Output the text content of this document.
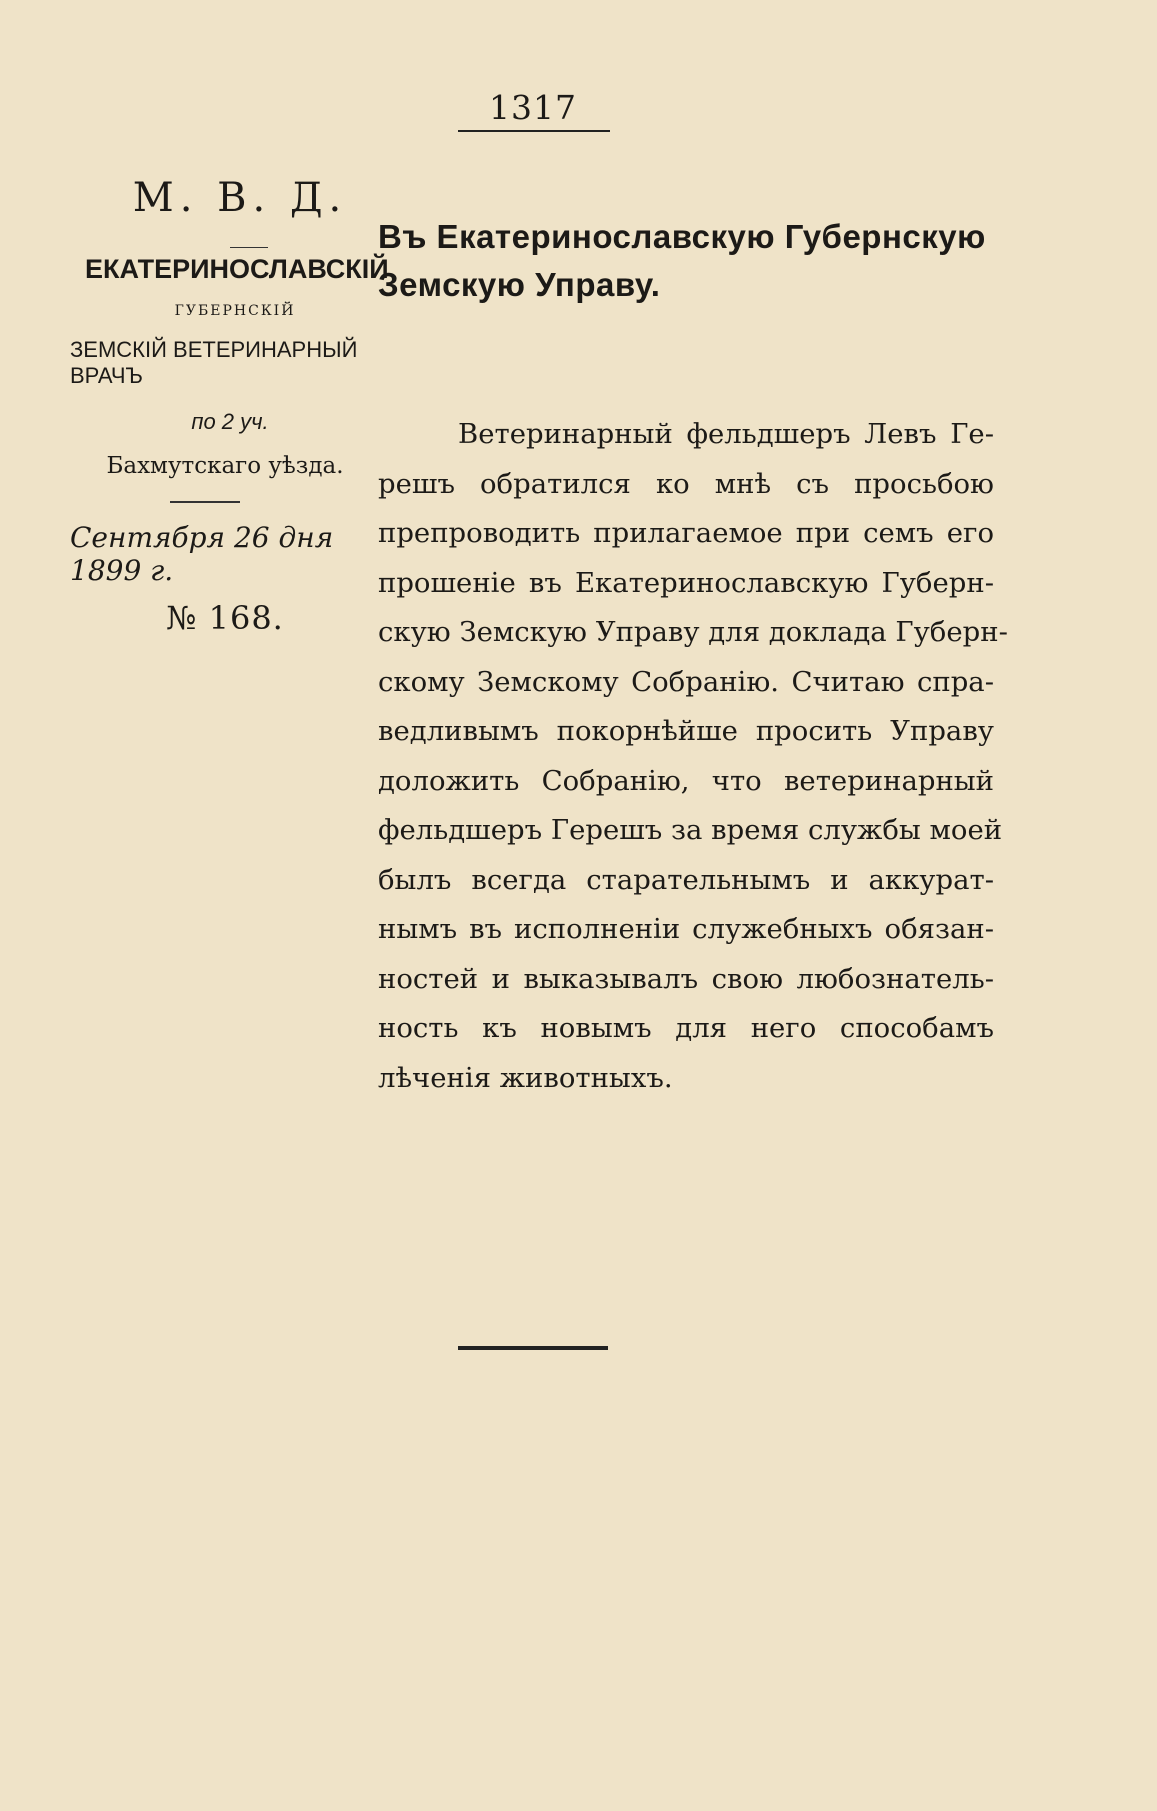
1317
М. В. Д.
ЕКАТЕРИНОСЛАВСКІЙ
ГУБЕРНСКІЙ
ЗЕМСКІЙ ВЕТЕРИНАРНЫЙ ВРАЧЪ
по 2 уч.
Бахмутскаго уѣзда.
Сентября 26 дня 1899 г.
№ 168.
Въ Екатеринославскую Губернскую
Земскую Управу.
Ветеринарный фельдшеръ Левъ Ге-
решъ обратился ко мнѣ съ просьбою
препроводить прилагаемое при семъ его
прошеніе въ Екатеринославскую Губерн-
скую Земскую Управу для доклада Губерн-
скому Земскому Собранію. Считаю спра-
ведливымъ покорнѣйше просить Управу
доложить Собранію, что ветеринарный
фельдшеръ Герешъ за время службы моей
былъ всегда старательнымъ и аккурат-
нымъ въ исполненіи служебныхъ обязан-
ностей и выказывалъ свою любознатель-
ность къ новымъ для него способамъ
лѣченія животныхъ.
